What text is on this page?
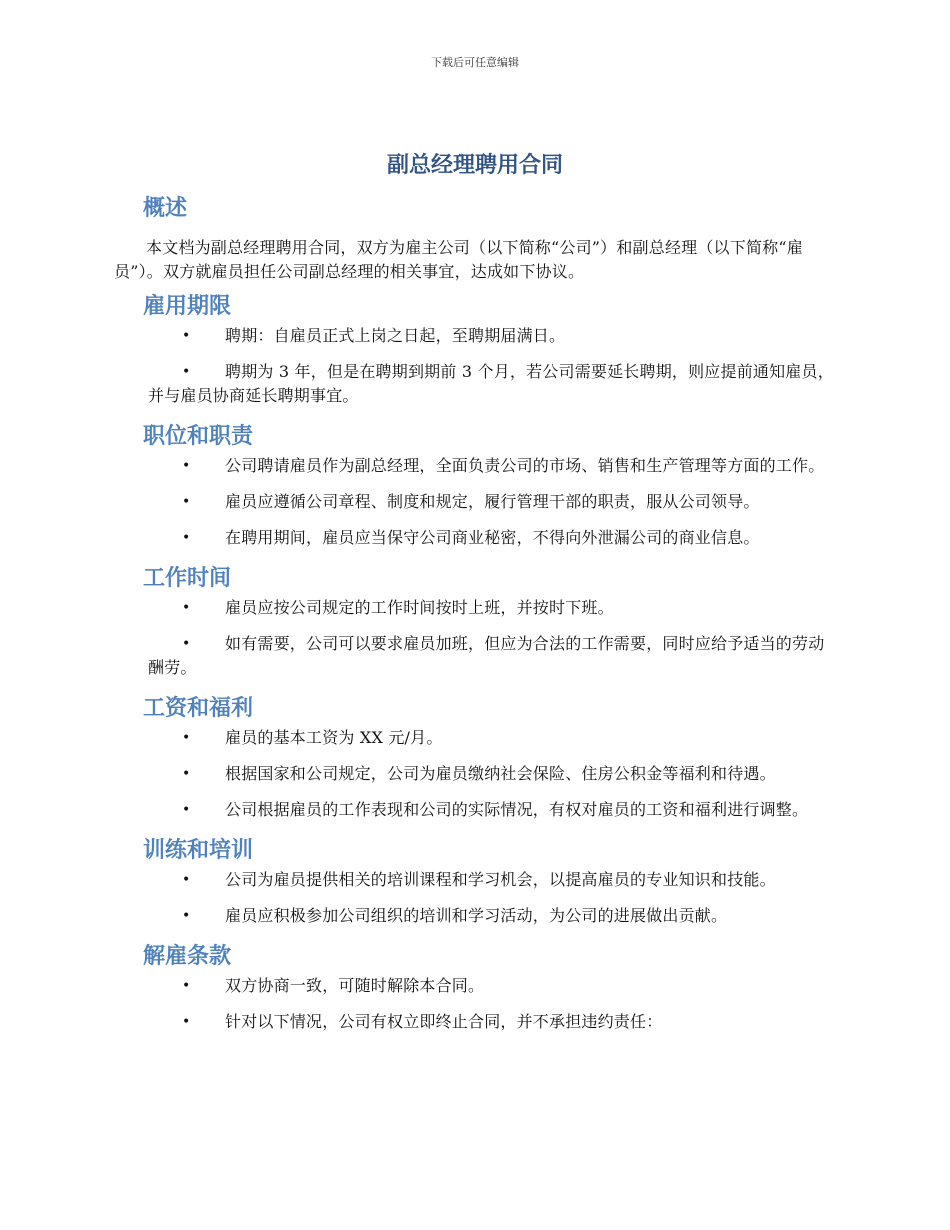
下载后可任意编辑
副总经理聘用合同
概述

本文档为副总经理聘用合同，双方为雇主公司（以下简称“公司”）和副总经理（以下简称“雇员”）。双方就雇员担任公司副总经理的相关事宜，达成如下协议。

雇用期限
• 聘期：自雇员正式上岗之日起，至聘期届满日。
• 聘期为 3 年，但是在聘期到期前 3 个月，若公司需要延长聘期，则应提前通知雇员，并与雇员协商延长聘期事宜。
职位和职责
• 公司聘请雇员作为副总经理，全面负责公司的市场、销售和生产管理等方面的工作。
• 雇员应遵循公司章程、制度和规定，履行管理干部的职责，服从公司领导。
• 在聘用期间，雇员应当保守公司商业秘密，不得向外泄漏公司的商业信息。
工作时间
• 雇员应按公司规定的工作时间按时上班，并按时下班。
• 如有需要，公司可以要求雇员加班，但应为合法的工作需要，同时应给予适当的劳动酬劳。
工资和福利
• 雇员的基本工资为 XX 元/月。
• 根据国家和公司规定，公司为雇员缴纳社会保险、住房公积金等福利和待遇。
• 公司根据雇员的工作表现和公司的实际情况，有权对雇员的工资和福利进行调整。
训练和培训
• 公司为雇员提供相关的培训课程和学习机会，以提高雇员的专业知识和技能。
• 雇员应积极参加公司组织的培训和学习活动，为公司的进展做出贡献。
解雇条款
• 双方协商一致，可随时解除本合同。
• 针对以下情况，公司有权立即终止合同，并不承担违约责任：
